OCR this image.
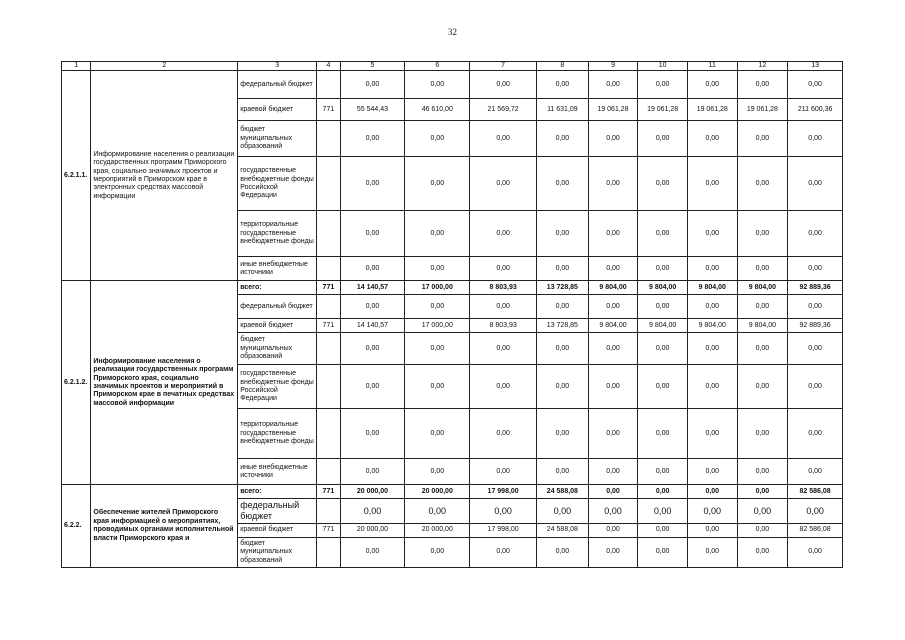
32
1	2	3	4	5	6	7	8	9	10	11	12	13
6.2.1.1.	Информирование населения о реализации государственных программ Приморского края, социально значимых проектов и мероприятий в Приморском крае в электронных средствах массовой информации	федеральный бюджет		0,00	0,00	0,00	0,00	0,00	0,00	0,00	0,00	0,00
		краевой бюджет	771	55 544,43	46 610,00	21 569,72	11 631,09	19 061,28	19 061,28	19 061,28	19 061,28	211 600,36
		бюджет муниципальных образований		0,00	0,00	0,00	0,00	0,00	0,00	0,00	0,00	0,00
		государственные внебюджетные фонды Российской Федерации		0,00	0,00	0,00	0,00	0,00	0,00	0,00	0,00	0,00
		территориальные государственные внебюджетные фонды		0,00	0,00	0,00	0,00	0,00	0,00	0,00	0,00	0,00
		иные внебюджетные источники		0,00	0,00	0,00	0,00	0,00	0,00	0,00	0,00	0,00
6.2.1.2.	Информирование населения о реализации государственных программ Приморского края, социально значимых проектов и мероприятий в Приморском крае в печатных средствах массовой информации	всего:	771	14 140,57	17 000,00	8 803,93	13 728,85	9 804,00	9 804,00	9 804,00	9 804,00	92 889,36
		федеральный бюджет		0,00	0,00	0,00	0,00	0,00	0,00	0,00	0,00	0,00
		краевой бюджет	771	14 140,57	17 000,00	8 803,93	13 728,85	9 804,00	9 804,00	9 804,00	9 804,00	92 889,36
		бюджет муниципальных образований		0,00	0,00	0,00	0,00	0,00	0,00	0,00	0,00	0,00
		государственные внебюджетные фонды Российской Федерации		0,00	0,00	0,00	0,00	0,00	0,00	0,00	0,00	0,00
		территориальные государственные внебюджетные фонды		0,00	0,00	0,00	0,00	0,00	0,00	0,00	0,00	0,00
		иные внебюджетные источники		0,00	0,00	0,00	0,00	0,00	0,00	0,00	0,00	0,00
6.2.2.	Обеспечение жителей Приморского края информацией о мероприятиях, проводимых органами исполнительной власти Приморского края и	всего:	771	20 000,00	20 000,00	17 998,00	24 588,08	0,00	0,00	0,00	0,00	82 586,08
		федеральный бюджет		0,00	0,00	0,00	0,00	0,00	0,00	0,00	0,00	0,00
		краевой бюджет	771	20 000,00	20 000,00	17 998,00	24 588,08	0,00	0,00	0,00	0,00	82 586,08
		бюджет муниципальных образований		0,00	0,00	0,00	0,00	0,00	0,00	0,00	0,00	0,00
